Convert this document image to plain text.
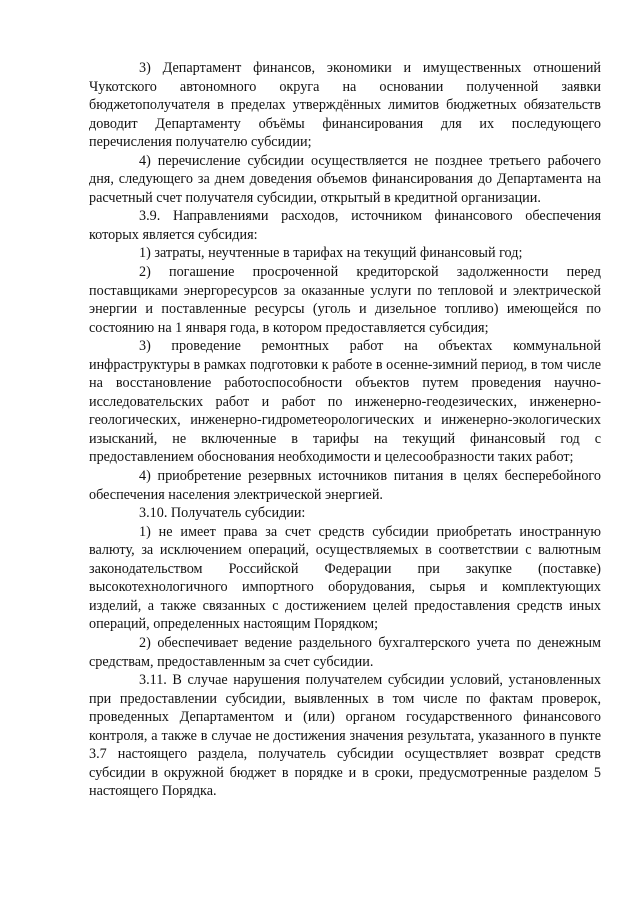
3) Департамент финансов, экономики и имущественных отношений Чукотского автономного округа на основании полученной заявки бюджетополучателя в пределах утверждённых лимитов бюджетных обязательств доводит Департаменту объёмы финансирования для их последующего перечисления получателю субсидии;

4) перечисление субсидии осуществляется не позднее третьего рабочего дня, следующего за днем доведения объемов финансирования до Департамента на расчетный счет получателя субсидии, открытый в кредитной организации.

3.9. Направлениями расходов, источником финансового обеспечения которых является субсидия:

1) затраты, неучтенные в тарифах на текущий финансовый год;

2) погашение просроченной кредиторской задолженности перед поставщиками энергоресурсов за оказанные услуги по тепловой и электрической энергии и поставленные ресурсы (уголь и дизельное топливо) имеющейся по состоянию на 1 января года, в котором предоставляется субсидия;

3) проведение ремонтных работ на объектах коммунальной инфраструктуры в рамках подготовки к работе в осенне-зимний период, в том числе на восстановление работоспособности объектов путем проведения научно-исследовательских работ и работ по инженерно-геодезических, инженерно-геологических, инженерно-гидрометеорологических и инженерно-экологических изысканий, не включенные в тарифы на текущий финансовый год с предоставлением обоснования необходимости и целесообразности таких работ;

4) приобретение резервных источников питания в целях бесперебойного обеспечения населения электрической энергией.

3.10. Получатель субсидии:

1) не имеет права за счет средств субсидии приобретать иностранную валюту, за исключением операций, осуществляемых в соответствии с валютным законодательством Российской Федерации при закупке (поставке) высокотехнологичного импортного оборудования, сырья и комплектующих изделий, а также связанных с достижением целей предоставления средств иных операций, определенных настоящим Порядком;

2) обеспечивает ведение раздельного бухгалтерского учета по денежным средствам, предоставленным за счет субсидии.

3.11. В случае нарушения получателем субсидии условий, установленных при предоставлении субсидии, выявленных в том числе по фактам проверок, проведенных Департаментом и (или) органом государственного финансового контроля, а также в случае не достижения значения результата, указанного в пункте 3.7 настоящего раздела, получатель субсидии осуществляет возврат средств субсидии в окружной бюджет в порядке и в сроки, предусмотренные разделом 5 настоящего Порядка.
